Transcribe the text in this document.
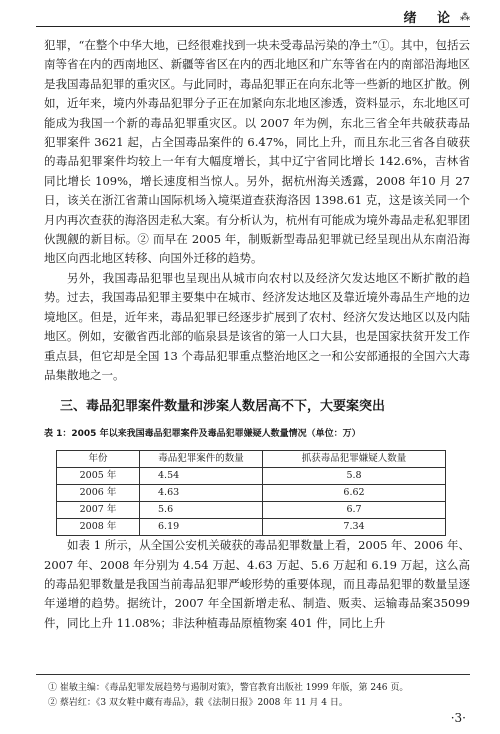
绪 论 ⁂

犯罪，“在整个中华大地，已经很难找到一块未受毒品污染的净土”①。其中，包括云南等省在内的西南地区、新疆等省区在内的西北地区和广东等省在内的南部沿海地区是我国毒品犯罪的重灾区。与此同时，毒品犯罪正在向东北等一些新的地区扩散。例如，近年来，境内外毒品犯罪分子正在加紧向东北地区渗透，资料显示，东北地区可能成为我国一个新的毒品犯罪重灾区。以 2007 年为例，东北三省全年共破获毒品犯罪案件 3621 起，占全国毒品案件的 6.47%，同比上升，而且东北三省各自破获的毒品犯罪案件均较上一年有大幅度增长，其中辽宁省同比增长 142.6%，吉林省同比增长 109%，增长速度相当惊人。另外，据杭州海关透露，2008 年10 月 27 日，该关在浙江省萧山国际机场入境渠道查获海洛因 1398.61 克，这是该关同一个月内再次查获的海洛因走私大案。有分析认为，杭州有可能成为境外毒品走私犯罪团伙觊觎的新目标。② 而早在 2005 年，制贩新型毒品犯罪就已经呈现出从东南沿海地区向西北地区转移、向国外迁移的趋势。

另外，我国毒品犯罪也呈现出从城市向农村以及经济欠发达地区不断扩散的趋势。过去，我国毒品犯罪主要集中在城市、经济发达地区及靠近境外毒品生产地的边境地区。但是，近年来，毒品犯罪已经逐步扩展到了农村、经济欠发达地区以及内陆地区。例如，安徽省西北部的临泉县是该省的第一人口大县，也是国家扶贫开发工作重点县，但它却是全国 13 个毒品犯罪重点整治地区之一和公安部通报的全国六大毒品集散地之一。

三、毒品犯罪案件数量和涉案人数居高不下，大要案突出
表 1：2005 年以来我国毒品犯罪案件及毒品犯罪嫌疑人数量情况（单位：万）
年份	毒品犯罪案件的数量	抓获毒品犯罪嫌疑人数量
2005 年	4.54	5.8
2006 年	4.63	6.62
2007 年	5.6	6.7
2008 年	6.19	7.34

如表 1 所示，从全国公安机关破获的毒品犯罪数量上看，2005 年、2006 年、2007 年、2008 年分别为 4.54 万起、4.63 万起、5.6 万起和 6.19 万起，这么高的毒品犯罪数量是我国当前毒品犯罪严峻形势的重要体现，而且毒品犯罪的数量呈逐年递增的趋势。据统计，2007 年全国新增走私、制造、贩卖、运输毒品案35099 件，同比上升 11.08%；非法种植毒品原植物案 401 件，同比上升

① 崔敏主编：《毒品犯罪发展趋势与遏制对策》，警官教育出版社 1999 年版，第 246 页。

② 蔡岩红：《3 双女鞋中藏有毒品》，载《法制日报》2008 年 11 月 4 日。

·3·
